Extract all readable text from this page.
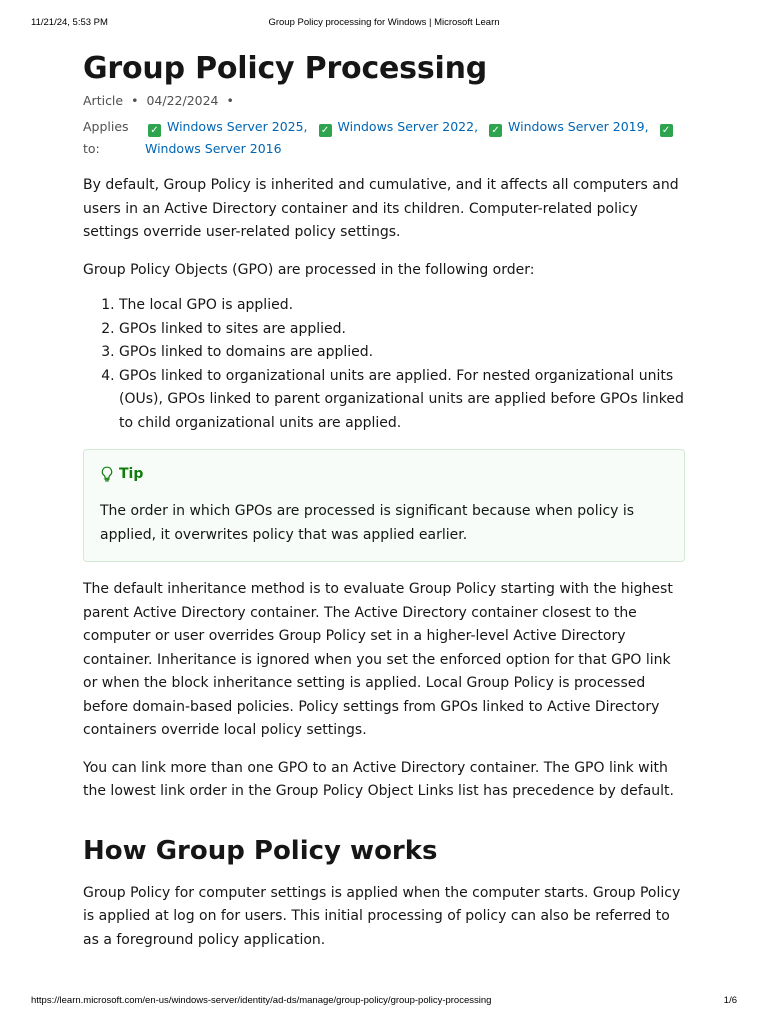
11/21/24, 5:53 PM	Group Policy processing for Windows | Microsoft Learn
Group Policy Processing
Article • 04/22/2024 •
Applies
to:
✓ Windows Server 2025, ✓ Windows Server 2022, ✓ Windows Server 2019, ✓
Windows Server 2016

By default, Group Policy is inherited and cumulative, and it affects all computers and users in an Active Directory container and its children. Computer-related policy settings override user-related policy settings.

Group Policy Objects (GPO) are processed in the following order:

1. The local GPO is applied.
2. GPOs linked to sites are applied.
3. GPOs linked to domains are applied.
4. GPOs linked to organizational units are applied. For nested organizational units (OUs), GPOs linked to parent organizational units are applied before GPOs linked to child organizational units are applied.
Tip
The order in which GPOs are processed is significant because when policy is applied, it overwrites policy that was applied earlier.

The default inheritance method is to evaluate Group Policy starting with the highest parent Active Directory container. The Active Directory container closest to the computer or user overrides Group Policy set in a higher-level Active Directory container. Inheritance is ignored when you set the enforced option for that GPO link or when the block inheritance setting is applied. Local Group Policy is processed before domain-based policies. Policy settings from GPOs linked to Active Directory containers override local policy settings.

You can link more than one GPO to an Active Directory container. The GPO link with the lowest link order in the Group Policy Object Links list has precedence by default.

How Group Policy works

Group Policy for computer settings is applied when the computer starts. Group Policy is applied at log on for users. This initial processing of policy can also be referred to as a foreground policy application.

https://learn.microsoft.com/en-us/windows-server/identity/ad-ds/manage/group-policy/group-policy-processing	1/6
